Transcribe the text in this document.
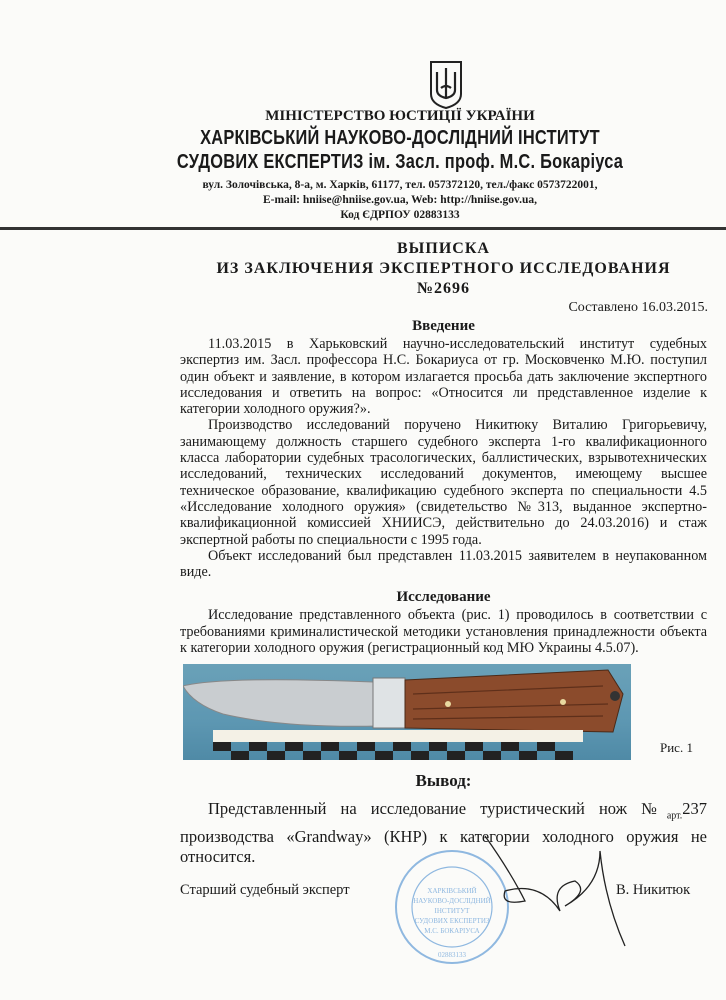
МІНІСТЕРСТВО ЮСТИЦІЇ УКРАЇНИ
ХАРКІВСЬКИЙ НАУКОВО-ДОСЛІДНИЙ ІНСТИТУТ
СУДОВИХ ЕКСПЕРТИЗ ім. Засл. проф. М.С. Бокаріуса
вул. Золочівська, 8-а, м. Харків, 61177, тел. 057372120, тел./факс 0573722001,
E-mail: hniise@hniise.gov.ua, Web: http://hniise.gov.ua,
Код ЄДРПОУ 02883133
ВЫПИСКА
ИЗ ЗАКЛЮЧЕНИЯ ЭКСПЕРТНОГО ИССЛЕДОВАНИЯ
№2696
Составлено 16.03.2015.
Введение

11.03.2015 в Харьковский научно-исследовательский институт судебных экспертиз им. Засл. профессора Н.С. Бокариуса от гр. Московченко М.Ю. поступил один объект и заявление, в котором излагается просьба дать заключение экспертного исследования и ответить на вопрос: «Относится ли представленное изделие к категории холодного оружия?».

Производство исследований поручено Никитюку Виталию Григорьевичу, занимающему должность старшего судебного эксперта 1-го квалификационного класса лаборатории судебных трасологических, баллистических, взрывотехнических исследований, технических исследований документов, имеющему высшее техническое образование, квалификацию судебного эксперта по специальности 4.5 «Исследование холодного оружия» (свидетельство №313, выданное экспертно-квалификационной комиссией ХНИИСЭ, действительно до 24.03.2016) и стаж экспертной работы по специальности с 1995 года.

Объект исследований был представлен 11.03.2015 заявителем в неупакованном виде.

Исследование
Исследование представленного объекта (рис. 1) проводилось в соответствии с требованиями криминалистической методики установления принадлежности объекта к категории холодного оружия (регистрационный код МЮ Украины 4.5.07).
Рис. 1
Вывод:
Представленный на исследование туристический нож $№_{арт.}237$ производства «Grandway» (КНР) к категории холодного оружия не относится.
ХАРКІВСЬКИЙ
НАУКОВО-ДОСЛІДНИЙ
ІНСТИТУТ
СУДОВИХ ЕКСПЕРТИЗ
М.С. БОКАРІУСА
02883133
Старший судебный эксперт	В. Никитюк
